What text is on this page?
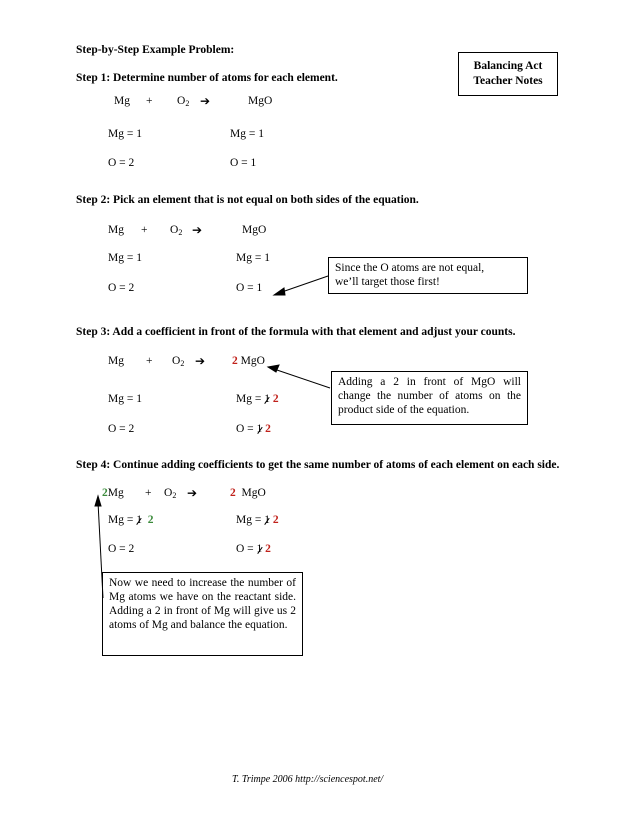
Step-by-Step Example Problem:
Balancing Act
Teacher Notes
Step 1: Determine number of atoms for each element.
$Mg + O_2$ ➔	MgO
Mg = 1	Mg = 1
O = 2	O = 1
Step 2: Pick an element that is not equal on both sides of the equation.
$Mg + O_2$ ➔	MgO
Mg = 1	Mg = 1
O = 2	O = 1
Since the O atoms are not equal,
we’ll target those first!
Step 3: Add a coefficient in front of the formula with that element and adjust your counts.
$Mg + O_2$ ➔ 2 MgO
Mg = 1	Mg = 1 2
O = 2	O = 1 2
Adding a 2 in front of MgO will change the number of atoms on the product side of the equation.
Step 4: Continue adding coefficients to get the same number of atoms of each element on each side.
$2Mg + O_2$ ➔	2 MgO
Mg = 1 2	Mg = 1 2
O = 2	O = 1 2
Now we need to increase the number of Mg atoms we have on the reactant side. Adding a 2 in front of Mg will give us 2 atoms of Mg and balance the equation.
T. Trimpe 2006 http://sciencespot.net/
